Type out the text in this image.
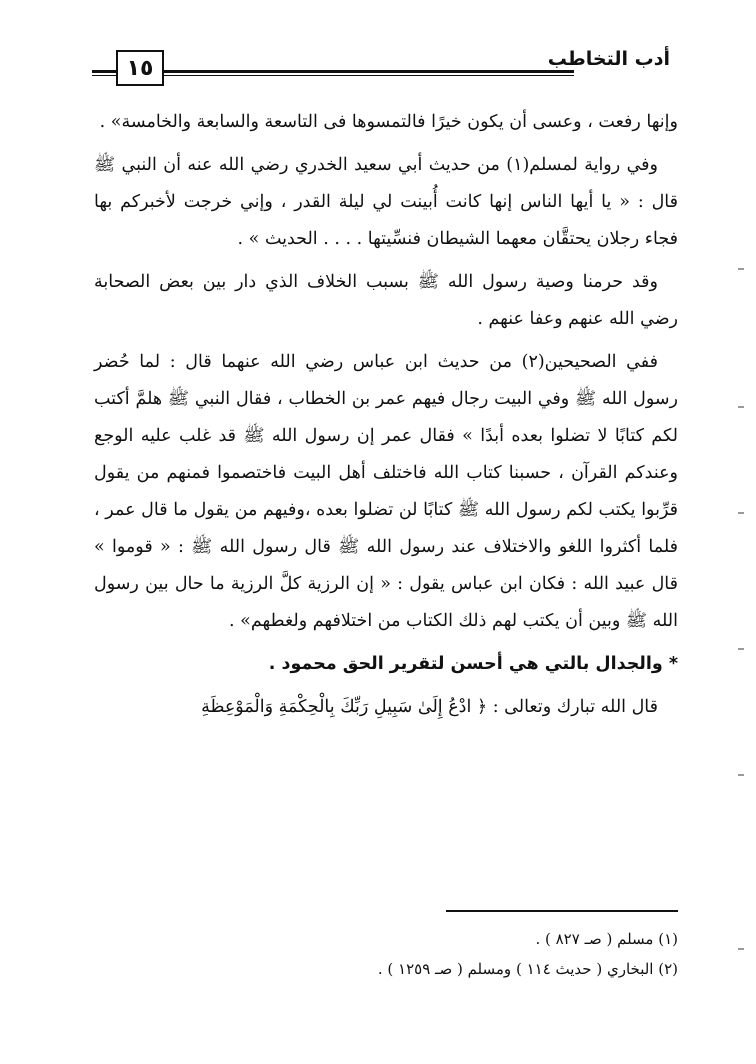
أدب التخاطب
١٥

وإنها رفعت ، وعسى أن يكون خيرًا فالتمسوها فى التاسعة والسابعة والخامسة» .

وفي رواية لمسلم(١) من حديث أبي سعيد الخدري رضي الله عنه أن النبي ﷺ قال : « يا أيها الناس إنها كانت أُبينت لي ليلة القدر ، وإني خرجت لأخبركم بها فجاء رجلان يحتقَّان معهما الشيطان فنسِّيتها . . . . الحديث » .

وقد حرمنا وصية رسول الله ﷺ بسبب الخلاف الذي دار بين بعض الصحابة رضي الله عنهم وعفا عنهم .

ففي الصحيحين(٢) من حديث ابن عباس رضي الله عنهما قال : لما حُضر رسول الله ﷺ وفي البيت رجال فيهم عمر بن الخطاب ، فقال النبي ﷺ هلمَّ أكتب لكم كتابًا لا تضلوا بعده أبدًا » فقال عمر إن رسول الله ﷺ قد غلب عليه الوجع وعندكم القرآن ، حسبنا كتاب الله فاختلف أهل البيت فاختصموا فمنهم من يقول قرِّبوا يكتب لكم رسول الله ﷺ كتابًا لن تضلوا بعده ،وفيهم من يقول ما قال عمر ، فلما أكثروا اللغو والاختلاف عند رسول الله ﷺ قال رسول الله ﷺ : « قوموا » قال عبيد الله : فكان ابن عباس يقول : « إن الرزية كلَّ الرزية ما حال بين رسول الله ﷺ وبين أن يكتب لهم ذلك الكتاب من اختلافهم ولغطهم» .

* والجدال بالتي هي أحسن لتقرير الحق محمود .

قال الله تبارك وتعالى : ﴿ ادْعُ إِلَىٰ سَبِيلِ رَبِّكَ بِالْحِكْمَةِ وَالْمَوْعِظَةِ

(١) مسلم ( صـ ٨٢٧ ) .

(٢) البخاري ( حديث ١١٤ ) ومسلم ( صـ ١٢٥٩ ) .
